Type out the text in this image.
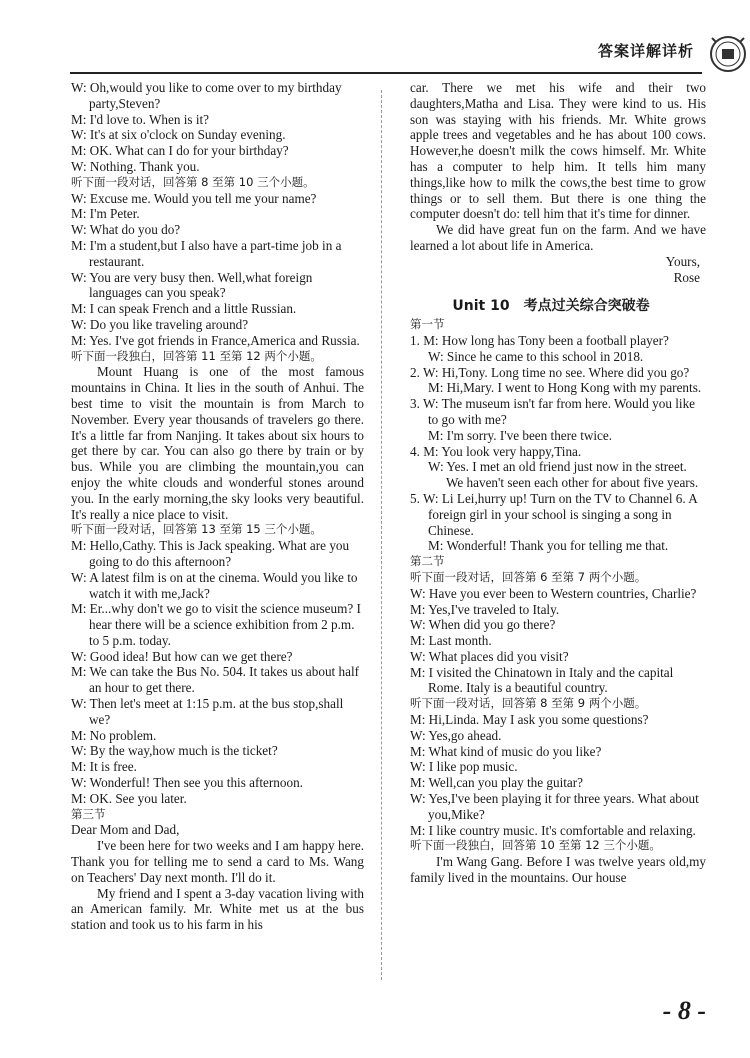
答案详解详析

W: Oh,would you like to come over to my birthday party,Steven?

M: I'd love to. When is it?

W: It's at six o'clock on Sunday evening.

M: OK. What can I do for your birthday?

W: Nothing. Thank you.

听下面一段对话，回答第 8 至第 10 三个小题。

W: Excuse me. Would you tell me your name?

M: I'm Peter.

W: What do you do?

M: I'm a student,but I also have a part-time job in a restaurant.

W: You are very busy then. Well,what foreign languages can you speak?

M: I can speak French and a little Russian.

W: Do you like traveling around?

M: Yes. I've got friends in France,America and Russia.

听下面一段独白，回答第 11 至第 12 两个小题。

Mount Huang is one of the most famous mountains in China. It lies in the south of Anhui. The best time to visit the mountain is from March to November. Every year thousands of travelers go there. It's a little far from Nanjing. It takes about six hours to get there by car. You can also go there by train or by bus. While you are climbing the mountain,you can enjoy the white clouds and wonderful stones around you. In the early morning,the sky looks very beautiful. It's really a nice place to visit.

听下面一段对话，回答第 13 至第 15 三个小题。

M: Hello,Cathy. This is Jack speaking. What are you going to do this afternoon?

W: A latest film is on at the cinema. Would you like to watch it with me,Jack?

M: Er...why don't we go to visit the science museum? I hear there will be a science exhibition from 2 p.m. to 5 p.m. today.

W: Good idea! But how can we get there?

M: We can take the Bus No. 504. It takes us about half an hour to get there.

W: Then let's meet at 1:15 p.m. at the bus stop,shall we?

M: No problem.

W: By the way,how much is the ticket?

M: It is free.

W: Wonderful! Then see you this afternoon.

M: OK. See you later.

第三节

Dear Mom and Dad,

I've been here for two weeks and I am happy here. Thank you for telling me to send a card to Ms. Wang on Teachers' Day next month. I'll do it.

My friend and I spent a 3-day vacation living with an American family. Mr. White met us at the bus station and took us to his farm in his

car. There we met his wife and their two daughters,Matha and Lisa. They were kind to us. His son was staying with his friends. Mr. White grows apple trees and vegetables and he has about 100 cows. However,he doesn't milk the cows himself. Mr. White has a computer to help him. It tells him many things,like how to milk the cows,the best time to grow things or to sell them. But there is one thing the computer doesn't do: tell him that it's time for dinner.

We did have great fun on the farm. And we have learned a lot about life in America.

Yours,

Rose

Unit 10 考点过关综合突破卷

第一节

1. M: How long has Tony been a football player?

W: Since he came to this school in 2018.

2. W: Hi,Tony. Long time no see. Where did you go?

M: Hi,Mary. I went to Hong Kong with my parents.

3. W: The museum isn't far from here. Would you like to go with me?

M: I'm sorry. I've been there twice.

4. M: You look very happy,Tina.

W: Yes. I met an old friend just now in the street. We haven't seen each other for about five years.

5. W: Li Lei,hurry up! Turn on the TV to Channel 6. A foreign girl in your school is singing a song in Chinese.

M: Wonderful! Thank you for telling me that.

第二节

听下面一段对话，回答第 6 至第 7 两个小题。

W: Have you ever been to Western countries, Charlie?

M: Yes,I've traveled to Italy.

W: When did you go there?

M: Last month.

W: What places did you visit?

M: I visited the Chinatown in Italy and the capital Rome. Italy is a beautiful country.

听下面一段对话，回答第 8 至第 9 两个小题。

M: Hi,Linda. May I ask you some questions?

W: Yes,go ahead.

M: What kind of music do you like?

W: I like pop music.

M: Well,can you play the guitar?

W: Yes,I've been playing it for three years. What about you,Mike?

M: I like country music. It's comfortable and relaxing.

听下面一段独白，回答第 10 至第 12 三个小题。

I'm Wang Gang. Before I was twelve years old,my family lived in the mountains. Our house

- 8 -
